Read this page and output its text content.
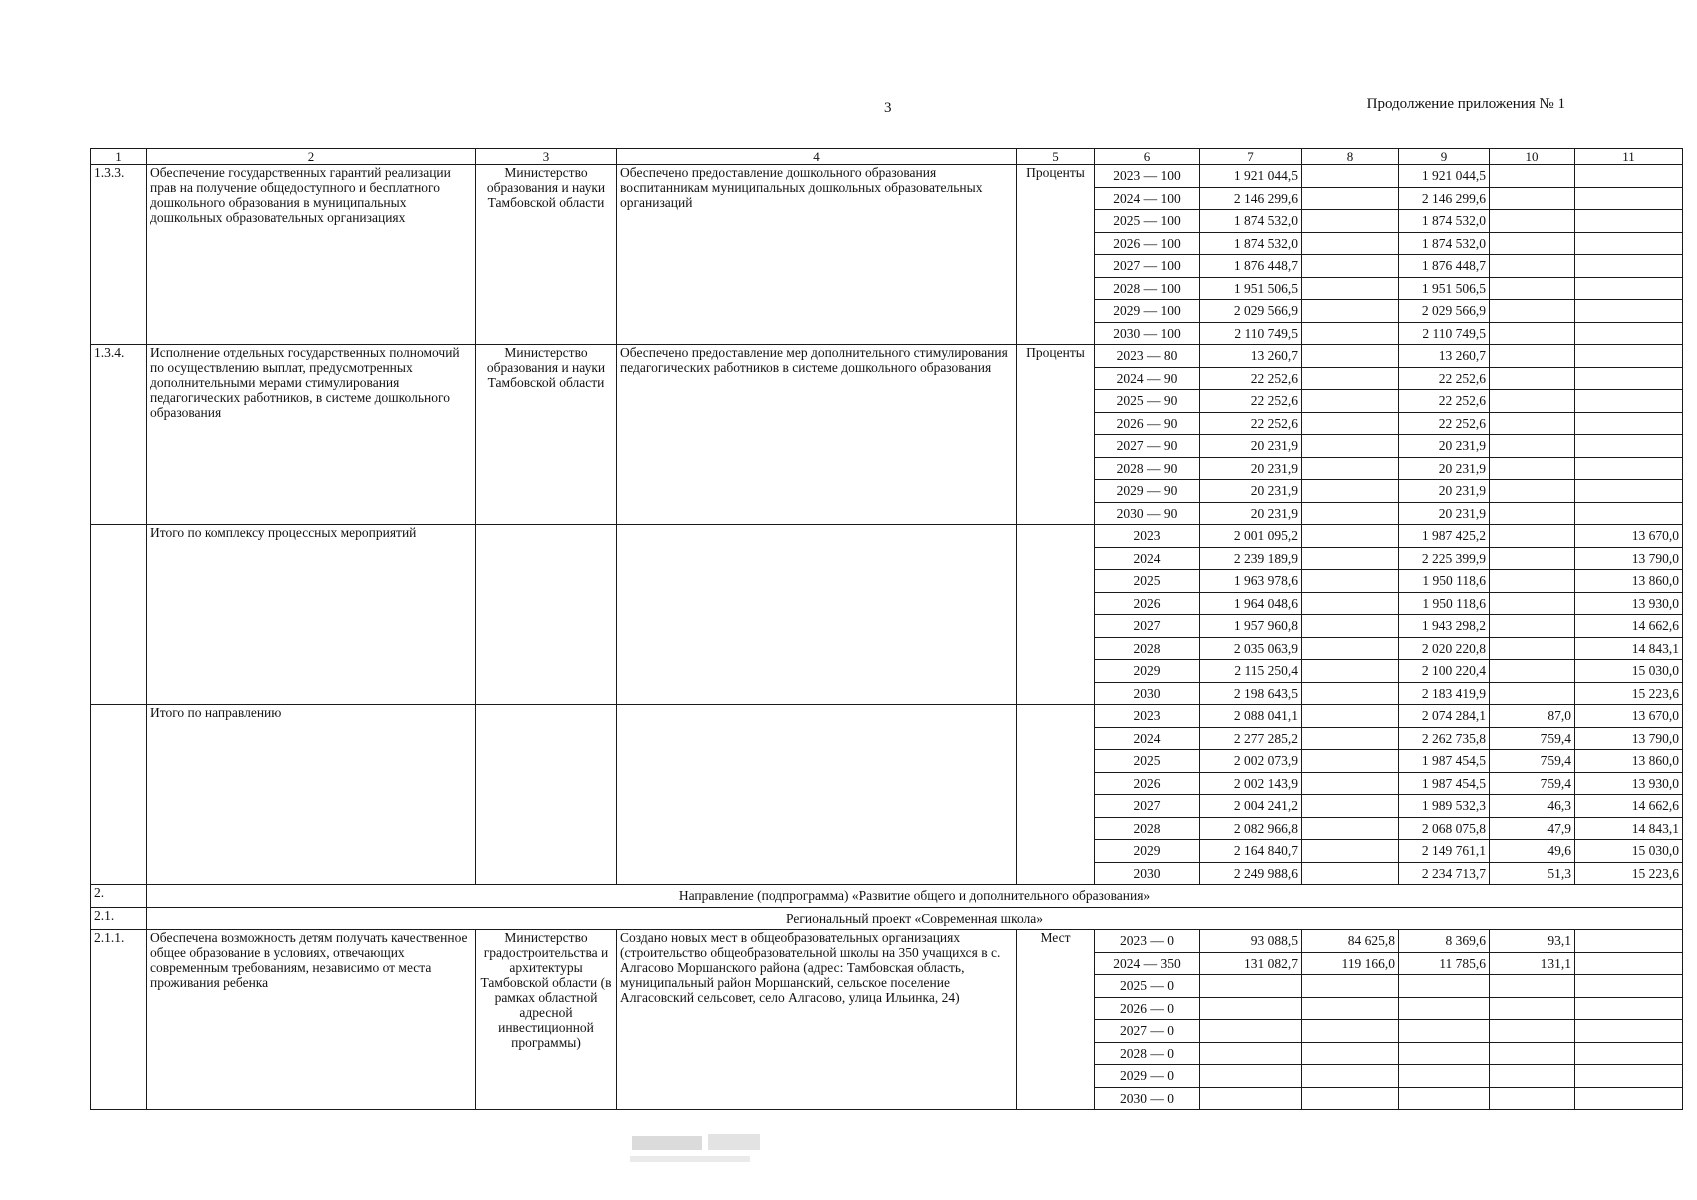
3	Продолжение приложения № 1
1	2	3	4	5	6	7	8	9	10	11
1.3.3.	Обеспечение государственных гарантий реализации прав на получение общедоступного и бесплатного дошкольного образования в муниципальных дошкольных образовательных организациях	Министерство образования и науки Тамбовской области	Обеспечено предоставление дошкольного образования воспитанникам муниципальных дошкольных образовательных организаций	Проценты	2023 — 100	1 921 044,5		1 921 044,5		
					2024 — 100	2 146 299,6		2 146 299,6		
					2025 — 100	1 874 532,0		1 874 532,0		
					2026 — 100	1 874 532,0		1 874 532,0		
					2027 — 100	1 876 448,7		1 876 448,7		
					2028 — 100	1 951 506,5		1 951 506,5		
					2029 — 100	2 029 566,9		2 029 566,9		
					2030 — 100	2 110 749,5		2 110 749,5		
1.3.4.	Исполнение отдельных государственных полномочий по осуществлению выплат, предусмотренных дополнительными мерами стимулирования педагогических работников, в системе дошкольного образования	Министерство образования и науки Тамбовской области	Обеспечено предоставление мер дополнительного стимулирования педагогических работников в системе дошкольного образования	Проценты	2023 — 80	13 260,7		13 260,7		
					2024 — 90	22 252,6		22 252,6		
					2025 — 90	22 252,6		22 252,6		
					2026 — 90	22 252,6		22 252,6		
					2027 — 90	20 231,9		20 231,9		
					2028 — 90	20 231,9		20 231,9		
					2029 — 90	20 231,9		20 231,9		
					2030 — 90	20 231,9		20 231,9		
	Итого по комплексу процессных мероприятий				2023	2 001 095,2		1 987 425,2		13 670,0
					2024	2 239 189,9		2 225 399,9		13 790,0
					2025	1 963 978,6		1 950 118,6		13 860,0
					2026	1 964 048,6		1 950 118,6		13 930,0
					2027	1 957 960,8		1 943 298,2		14 662,6
					2028	2 035 063,9		2 020 220,8		14 843,1
					2029	2 115 250,4		2 100 220,4		15 030,0
					2030	2 198 643,5		2 183 419,9		15 223,6
	Итого по направлению				2023	2 088 041,1		2 074 284,1	87,0	13 670,0
					2024	2 277 285,2		2 262 735,8	759,4	13 790,0
					2025	2 002 073,9		1 987 454,5	759,4	13 860,0
					2026	2 002 143,9		1 987 454,5	759,4	13 930,0
					2027	2 004 241,2		1 989 532,3	46,3	14 662,6
					2028	2 082 966,8		2 068 075,8	47,9	14 843,1
					2029	2 164 840,7		2 149 761,1	49,6	15 030,0
					2030	2 249 988,6		2 234 713,7	51,3	15 223,6
2.	Направление (подпрограмма) «Развитие общего и дополнительного образования»									
2.1.	Региональный проект «Современная школа»									
2.1.1.	Обеспечена возможность детям получать качественное общее образование в условиях, отвечающих современным требованиям, независимо от места проживания ребенка	Министерство градостроительства и архитектуры Тамбовской области (в рамках областной адресной инвестиционной программы)	Создано новых мест в общеобразовательных организациях (строительство общеобразовательной школы на 350 учащихся в с. Алгасово Моршанского района (адрес: Тамбовская область, муниципальный район Моршанский, сельское поселение Алгасовский сельсовет, село Алгасово, улица Ильинка, 24)	Мест	2023 — 0	93 088,5	84 625,8	8 369,6	93,1	
					2024 — 350	131 082,7	119 166,0	11 785,6	131,1	
					2025 — 0					
					2026 — 0					
					2027 — 0					
					2028 — 0					
					2029 — 0					
					2030 — 0					
